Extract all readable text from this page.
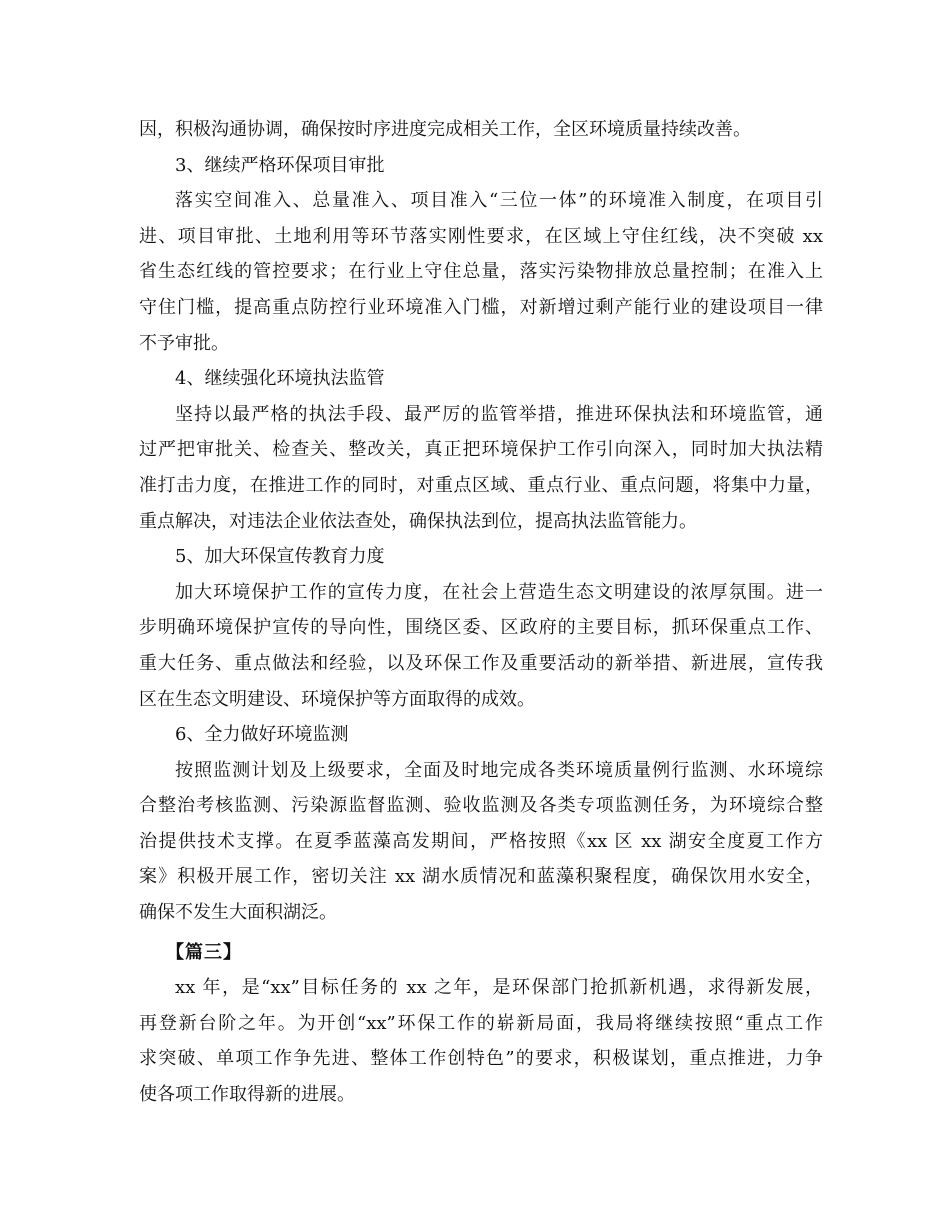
因，积极沟通协调，确保按时序进度完成相关工作，全区环境质量持续改善。
3、继续严格环保项目审批
落实空间准入、总量准入、项目准入“三位一体”的环境准入制度，在项目引
进、项目审批、土地利用等环节落实刚性要求，在区域上守住红线，决不突破 xx
省生态红线的管控要求；在行业上守住总量，落实污染物排放总量控制；在准入上
守住门槛，提高重点防控行业环境准入门槛，对新增过剩产能行业的建设项目一律
不予审批。
4、继续强化环境执法监管
坚持以最严格的执法手段、最严厉的监管举措，推进环保执法和环境监管，通
过严把审批关、检查关、整改关，真正把环境保护工作引向深入，同时加大执法精
准打击力度，在推进工作的同时，对重点区域、重点行业、重点问题，将集中力量，
重点解决，对违法企业依法查处，确保执法到位，提高执法监管能力。
5、加大环保宣传教育力度
加大环境保护工作的宣传力度，在社会上营造生态文明建设的浓厚氛围。进一
步明确环境保护宣传的导向性，围绕区委、区政府的主要目标，抓环保重点工作、
重大任务、重点做法和经验，以及环保工作及重要活动的新举措、新进展，宣传我
区在生态文明建设、环境保护等方面取得的成效。
6、全力做好环境监测
按照监测计划及上级要求，全面及时地完成各类环境质量例行监测、水环境综
合整治考核监测、污染源监督监测、验收监测及各类专项监测任务，为环境综合整
治提供技术支撑。在夏季蓝藻高发期间，严格按照《xx 区 xx 湖安全度夏工作方
案》积极开展工作，密切关注 xx 湖水质情况和蓝藻积聚程度，确保饮用水安全，
确保不发生大面积湖泛。
【篇三】
xx 年，是“xx”目标任务的 xx 之年，是环保部门抢抓新机遇，求得新发展，
再登新台阶之年。为开创“xx”环保工作的崭新局面，我局将继续按照“重点工作
求突破、单项工作争先进、整体工作创特色”的要求，积极谋划，重点推进，力争
使各项工作取得新的进展。
